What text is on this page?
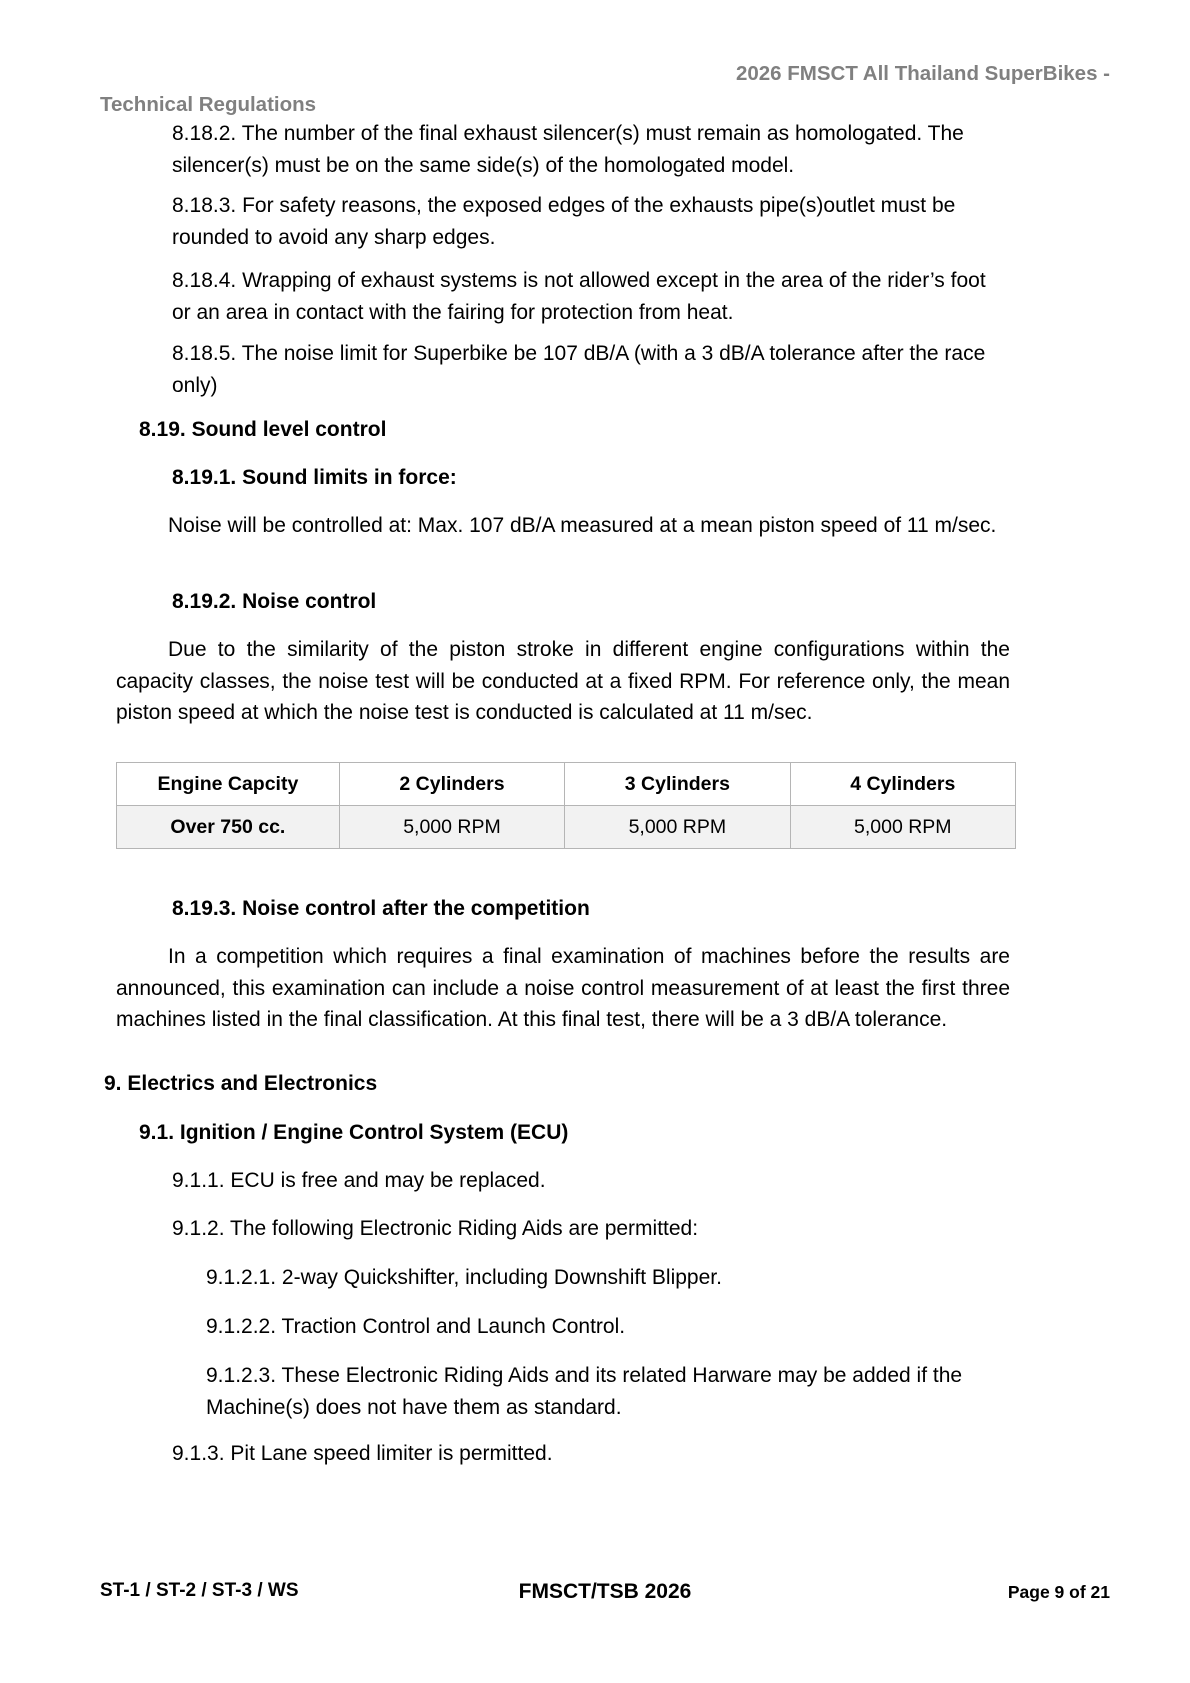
2026 FMSCT All Thailand SuperBikes -
Technical Regulations
8.18.2. The number of the final exhaust silencer(s) must remain as homologated. The silencer(s) must be on the same side(s) of the homologated model.
8.18.3. For safety reasons, the exposed edges of the exhausts pipe(s)outlet must be rounded to avoid any sharp edges.
8.18.4. Wrapping of exhaust systems is not allowed except in the area of the rider’s foot or an area in contact with the fairing for protection from heat.
8.18.5. The noise limit for Superbike be 107 dB/A (with a 3 dB/A tolerance after the race only)
8.19. Sound level control
8.19.1. Sound limits in force:
Noise will be controlled at: Max. 107 dB/A measured at a mean piston speed of 11 m/sec.
8.19.2. Noise control
Due to the similarity of the piston stroke in different engine configurations within the capacity classes, the noise test will be conducted at a fixed RPM. For reference only, the mean piston speed at which the noise test is conducted is calculated at 11 m/sec.
Engine Capcity	2 Cylinders	3 Cylinders	4 Cylinders
Over 750 cc.	5,000 RPM	5,000 RPM	5,000 RPM
8.19.3. Noise control after the competition
In a competition which requires a final examination of machines before the results are announced, this examination can include a noise control measurement of at least the first three machines listed in the final classification. At this final test, there will be a 3 dB/A tolerance.
9. Electrics and Electronics
9.1. Ignition / Engine Control System (ECU)
9.1.1. ECU is free and may be replaced.
9.1.2. The following Electronic Riding Aids are permitted:
9.1.2.1. 2-way Quickshifter, including Downshift Blipper.
9.1.2.2. Traction Control and Launch Control.
9.1.2.3. These Electronic Riding Aids and its related Harware may be added if the Machine(s) does not have them as standard.
9.1.3. Pit Lane speed limiter is permitted.
ST-1 / ST-2 / ST-3 / WS	FMSCT/TSB 2026	Page 9 of 21
